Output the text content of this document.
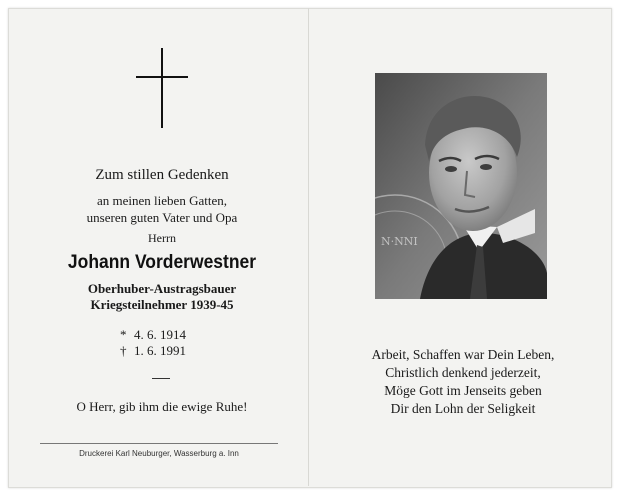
Zum stillen Gedenken
an meinen lieben Gatten,
unseren guten Vater und Opa
Herrn
Johann Vorderwestner
Oberhuber-Austragsbauer
Kriegsteilnehmer 1939-45
* 4. 6. 1914
† 1. 6. 1991
O Herr, gib ihm die ewige Ruhe!
Druckerei Karl Neuburger, Wasserburg a. Inn
N·NNI
Arbeit, Schaffen war Dein Leben,
Christlich denkend jederzeit,
Möge Gott im Jenseits geben
Dir den Lohn der Seligkeit
